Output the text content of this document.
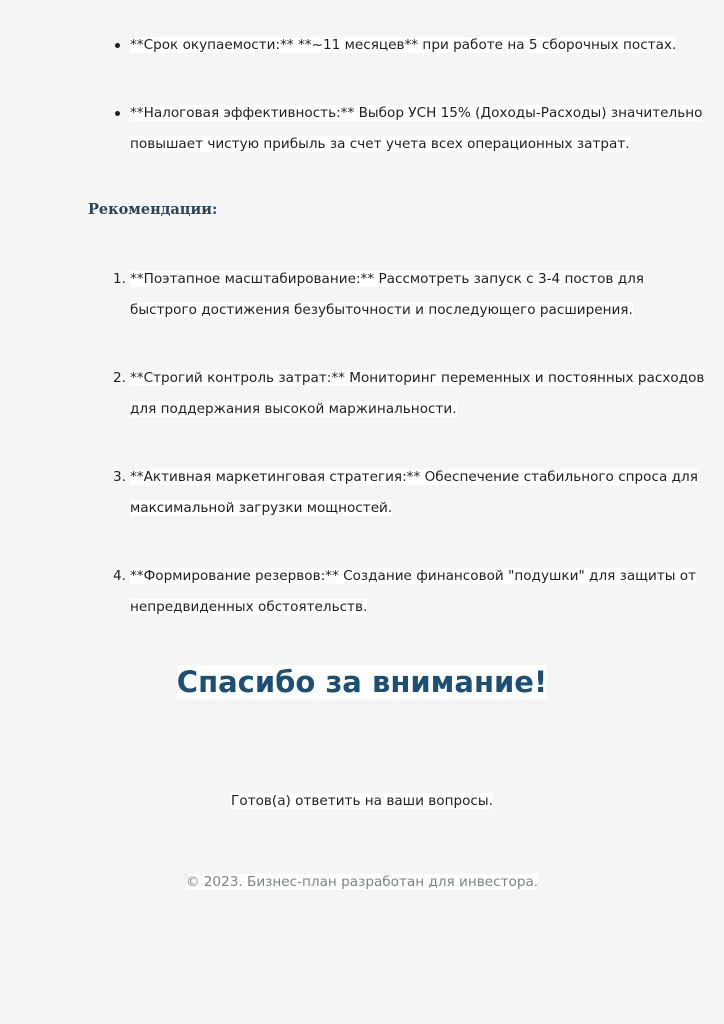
**Срок окупаемости:** **~11 месяцев** при работе на 5 сборочных постах.
**Налоговая эффективность:** Выбор УСН 15% (Доходы-Расходы) значительно повышает чистую прибыль за счет учета всех операционных затрат.
Рекомендации:
1. **Поэтапное масштабирование:** Рассмотреть запуск с 3-4 постов для быстрого достижения безубыточности и последующего расширения.
2. **Строгий контроль затрат:** Мониторинг переменных и постоянных расходов для поддержания высокой маржинальности.
3. **Активная маркетинговая стратегия:** Обеспечение стабильного спроса для максимальной загрузки мощностей.
4. **Формирование резервов:** Создание финансовой "подушки" для защиты от непредвиденных обстоятельств.
Спасибо за внимание!
Готов(а) ответить на ваши вопросы.
© 2023. Бизнес-план разработан для инвестора.
